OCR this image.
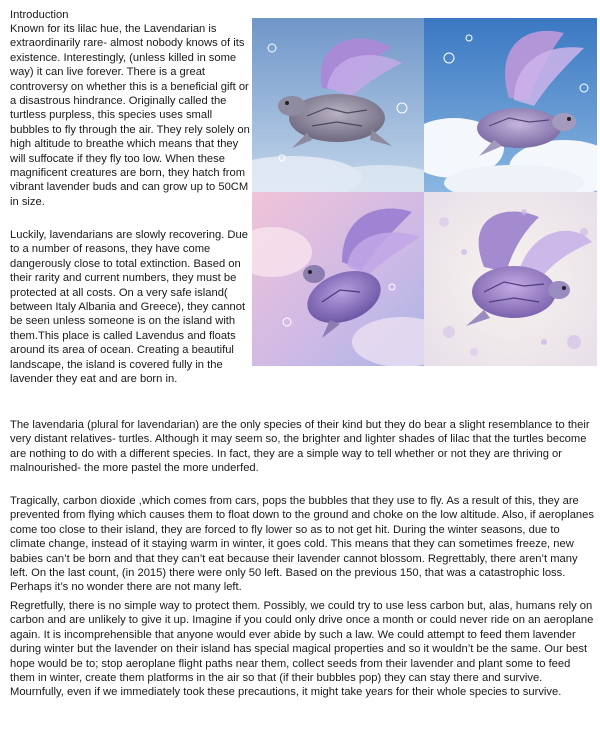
Introduction

Known for its lilac hue, the Lavendarian is extraordinarily rare- almost nobody knows of its existence. Interestingly, (unless killed in some way) it can live forever. There is a great controversy on whether this is a beneficial gift or a disastrous hindrance. Originally called the turtless purpless, this species uses small bubbles to fly through the air. They rely solely on high altitude to breathe which means that they will suffocate if they fly too low. When these magnificent creatures are born, they hatch from vibrant lavender buds and can grow up to 50CM in size.

Luckily, lavendarians are slowly recovering. Due to a number of reasons, they have come dangerously close to total extinction. Based on their rarity and current numbers, they must be protected at all costs. On a very safe island( between Italy Albania and Greece), they cannot be seen unless someone is on the island with them.This place is called Lavendus and floats around its area of ocean. Creating a beautiful landscape, the island is covered fully in the lavender they eat and are born in.

The lavendaria (plural for lavendarian) are the only species of their kind but they do bear a slight resemblance to their very distant relatives- turtles. Although it may seem so, the brighter and lighter shades of lilac that the turtles become are nothing to do with a different species. In fact, they are a simple way to tell whether or not they are thriving or malnourished- the more pastel the more underfed.

Tragically, carbon dioxide ,which comes from cars, pops the bubbles that they use to fly. As a result of this, they are prevented from flying which causes them to float down to the ground and choke on the low altitude. Also, if aeroplanes come too close to their island, they are forced to fly lower so as to not get hit. During the winter seasons, due to climate change, instead of it staying warm in winter, it goes cold. This means that they can sometimes freeze, new babies can’t be born and that they can’t eat because their lavender cannot blossom. Regrettably, there aren’t many left. On the last count, (in 2015) there were only 50 left. Based on the previous 150, that was a catastrophic loss. Perhaps it’s no wonder there are not many left.

Regretfully, there is no simple way to protect them. Possibly, we could try to use less carbon but, alas, humans rely on carbon and are unlikely to give it up. Imagine if you could only drive once a month or could never ride on an aeroplane again. It is incomprehensible that anyone would ever abide by such a law. We could attempt to feed them lavender during winter but the lavender on their island has special magical properties and so it wouldn’t be the same. Our best hope would be to; stop aeroplane flight paths near them, collect seeds from their lavender and plant some to feed them in winter, create them platforms in the air so that (if their bubbles pop) they can stay there and survive. Mournfully, even if we immediately took these precautions, it might take years for their whole species to survive.
